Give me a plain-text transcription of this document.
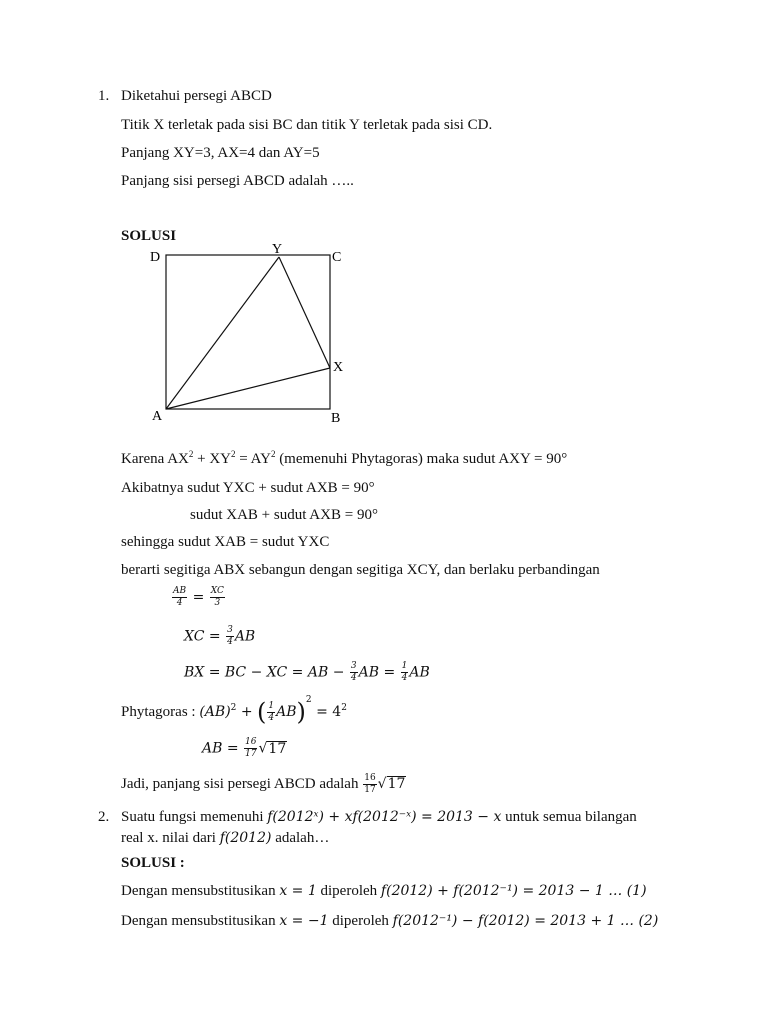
1. Diketahui persegi ABCD
Titik X terletak pada sisi BC dan titik Y terletak pada sisi CD.
Panjang XY=3, AX=4 dan AY=5
Panjang sisi persegi ABCD adalah …..
SOLUSI
D
Y
C
X
A	B
Karena $AX^2 + XY^2 = AY^2$ (memenuhi Phytagoras) maka sudut AXY = 90°
Akibatnya sudut YXC + sudut AXB = 90°
sudut XAB + sudut AXB = 90°
sehingga sudut XAB = sudut YXC
berarti segitiga ABX sebangun dengan segitiga XCY, dan berlaku perbandingan
$\frac{AB}{4} = \frac{XC}{3}$
XC = $\frac{3}{4}$ AB
BX = BC − XC = AB − $\frac{3}{4}$ AB = $\frac{1}{4}$ AB
Phytagoras : (AB)$^2$ + ( $\frac{1}{4} AB)^2 = 4^2$
AB = $\frac{16}{17} √17$
Jadi, panjang sisi persegi ABCD adalah $\frac{16}{17} √17$
2. Suatu fungsi memenuhi f(2012ˣ) + xf(2012⁻ˣ) = 2013 − x untuk semua bilangan
real x. nilai dari f(2012) adalah…
SOLUSI :
Dengan mensubstitusikan x = 1 diperoleh f(2012) + f(2012⁻¹) = 2013 − 1 … (1)
Dengan mensubstitusikan x = −1 diperoleh f(2012⁻¹) − f(2012) = 2013 + 1 … (2)
